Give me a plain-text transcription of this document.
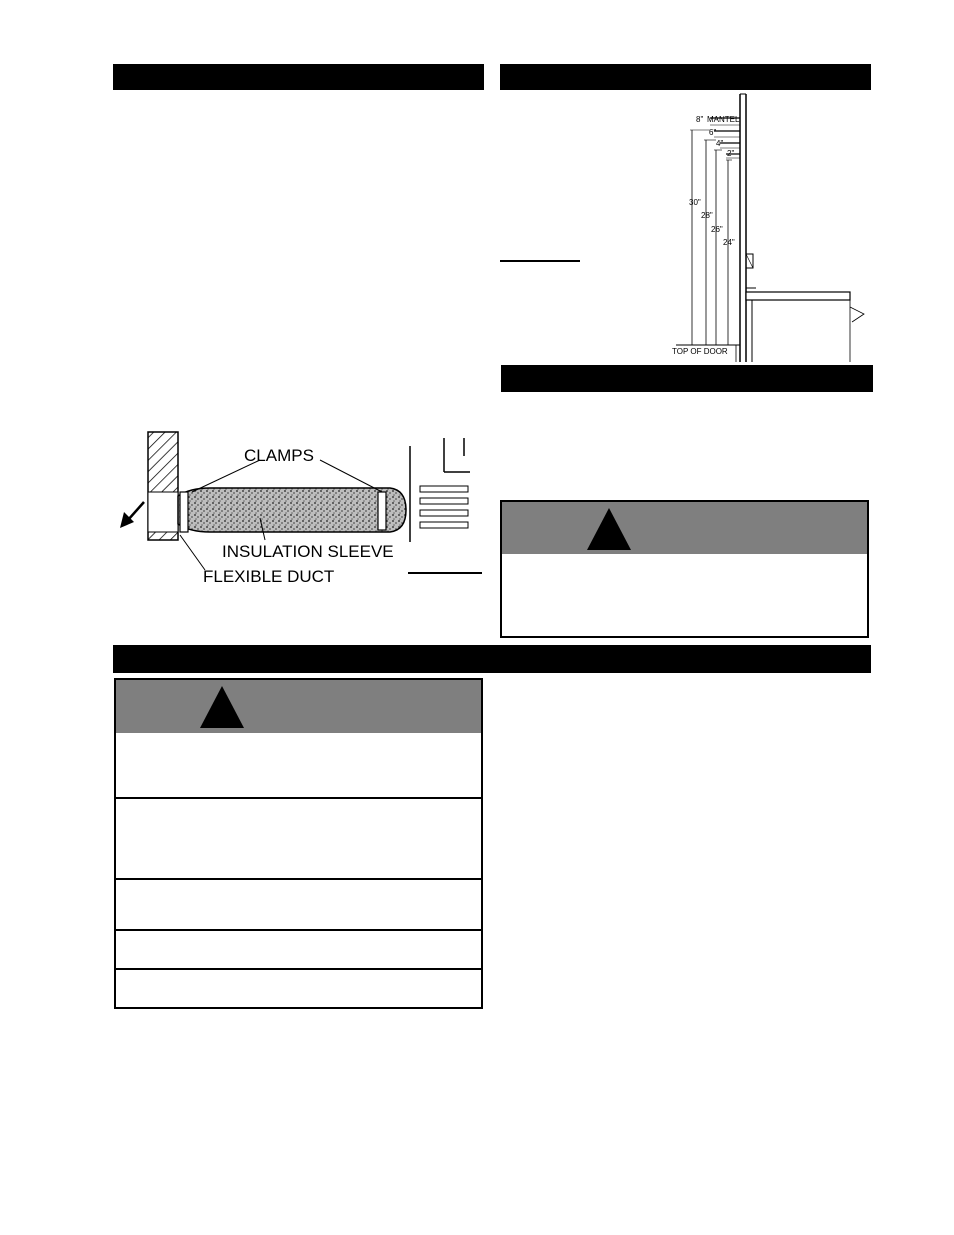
8" MANTEL
6"
4"
2"
30"
28"
26"
24"
TOP OF DOOR
CLAMPS
INSULATION SLEEVE
FLEXIBLE DUCT
